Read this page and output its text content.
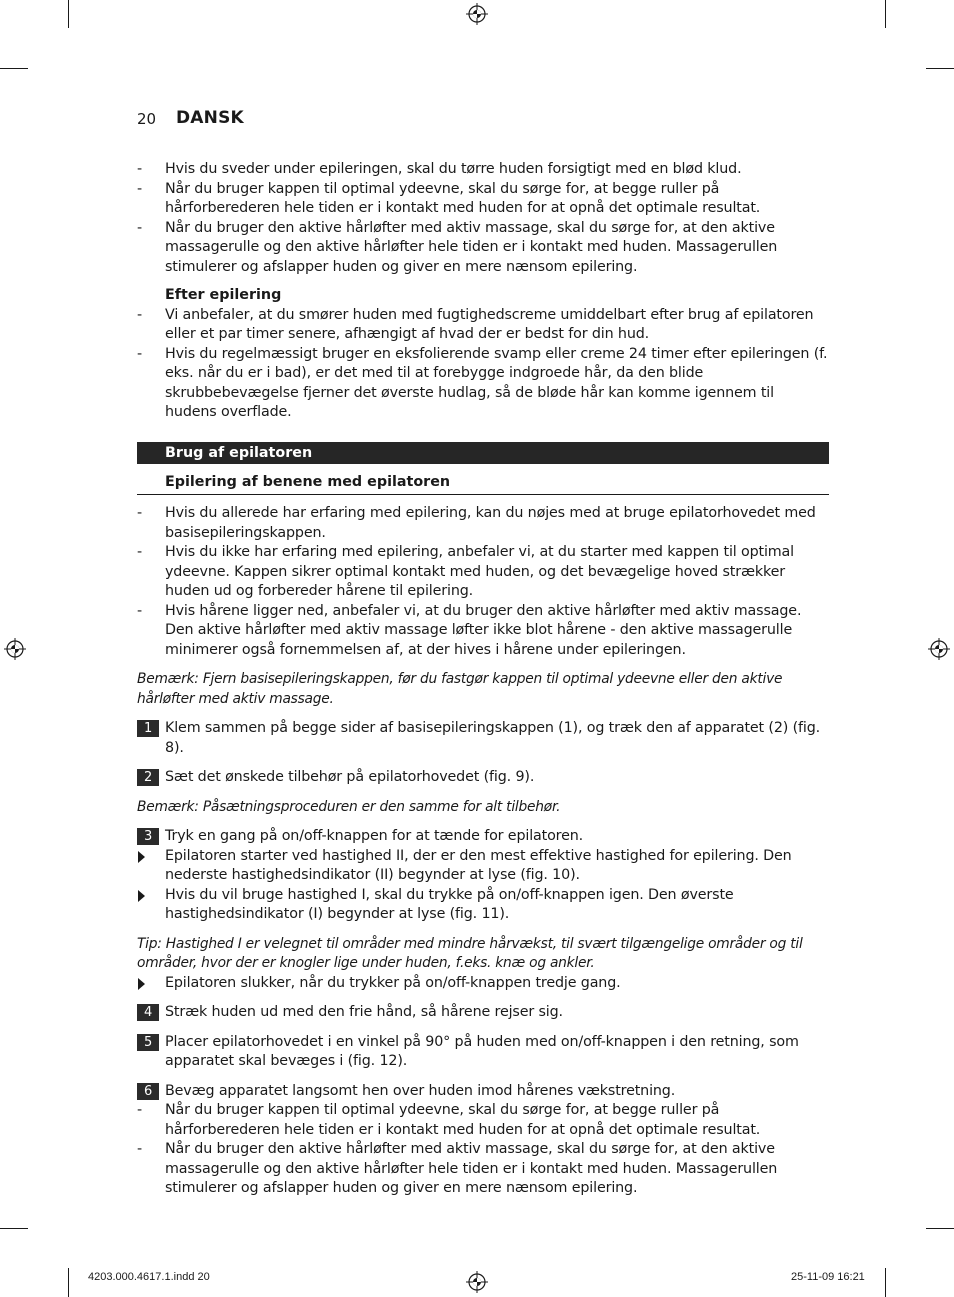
20 DANSK
- Hvis du sveder under epileringen, skal du tørre huden forsigtigt med en blød klud.
- Når du bruger kappen til optimal ydeevne, skal du sørge for, at begge ruller på hårforberederen hele tiden er i kontakt med huden for at opnå det optimale resultat.
- Når du bruger den aktive hårløfter med aktiv massage, skal du sørge for, at den aktive massagerulle og den aktive hårløfter hele tiden er i kontakt med huden. Massagerullen stimulerer og afslapper huden og giver en mere nænsom epilering.
Efter epilering
- Vi anbefaler, at du smører huden med fugtighedscreme umiddelbart efter brug af epilatoren eller et par timer senere, afhængigt af hvad der er bedst for din hud.
- Hvis du regelmæssigt bruger en eksfolierende svamp eller creme 24 timer efter epileringen (f. eks. når du er i bad), er det med til at forebygge indgroede hår, da den blide skrubbebevægelse fjerner det øverste hudlag, så de bløde hår kan komme igennem til hudens overflade.
Brug af epilatoren
Epilering af benene med epilatoren
- Hvis du allerede har erfaring med epilering, kan du nøjes med at bruge epilatorhovedet med basisepileringskappen.
- Hvis du ikke har erfaring med epilering, anbefaler vi, at du starter med kappen til optimal ydeevne. Kappen sikrer optimal kontakt med huden, og det bevægelige hoved strækker huden ud og forbereder hårene til epilering.
- Hvis hårene ligger ned, anbefaler vi, at du bruger den aktive hårløfter med aktiv massage. Den aktive hårløfter med aktiv massage løfter ikke blot hårene - den aktive massagerulle minimerer også fornemmelsen af, at der hives i hårene under epileringen.
Bemærk: Fjern basisepileringskappen, før du fastgør kappen til optimal ydeevne eller den aktive hårløfter med aktiv massage.
1 Klem sammen på begge sider af basisepileringskappen (1), og træk den af apparatet (2) (fig. 8).
2 Sæt det ønskede tilbehør på epilatorhovedet (fig. 9).
Bemærk: Påsætningsproceduren er den samme for alt tilbehør.
3 Tryk en gang på on/off-knappen for at tænde for epilatoren.
Epilatoren starter ved hastighed II, der er den mest effektive hastighed for epilering. Den nederste hastighedsindikator (II) begynder at lyse (fig. 10).
Hvis du vil bruge hastighed I, skal du trykke på on/off-knappen igen. Den øverste hastighedsindikator (I) begynder at lyse (fig. 11).
Tip: Hastighed I er velegnet til områder med mindre hårvækst, til svært tilgængelige områder og til områder, hvor der er knogler lige under huden, f.eks. knæ og ankler.
Epilatoren slukker, når du trykker på on/off-knappen tredje gang.
4 Stræk huden ud med den frie hånd, så hårene rejser sig.
5 Placer epilatorhovedet i en vinkel på 90° på huden med on/off-knappen i den retning, som apparatet skal bevæges i (fig. 12).
6 Bevæg apparatet langsomt hen over huden imod hårenes vækstretning.
- Når du bruger kappen til optimal ydeevne, skal du sørge for, at begge ruller på hårforberederen hele tiden er i kontakt med huden for at opnå det optimale resultat.
- Når du bruger den aktive hårløfter med aktiv massage, skal du sørge for, at den aktive massagerulle og den aktive hårløfter hele tiden er i kontakt med huden. Massagerullen stimulerer og afslapper huden og giver en mere nænsom epilering.
4203.000.4617.1.indd 20	25-11-09 16:21
